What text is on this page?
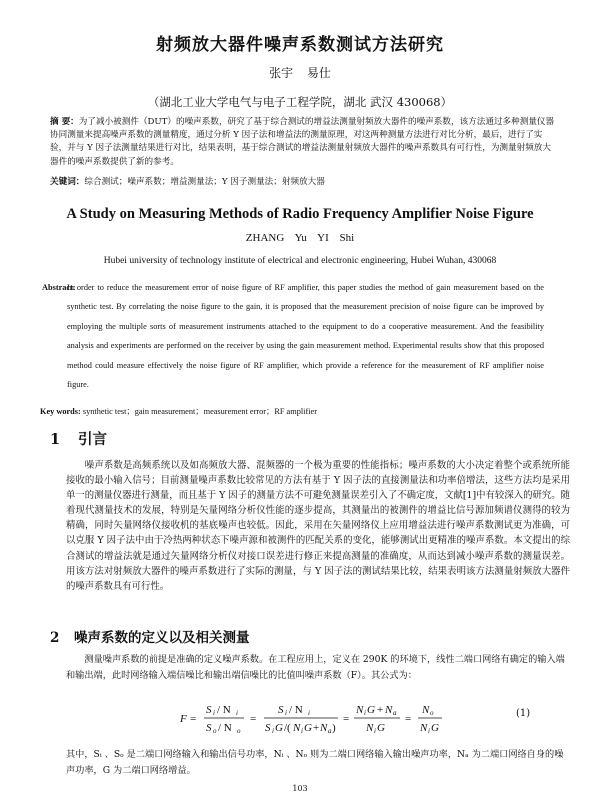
射频放大器件噪声系数测试方法研究
张宇 易仕
（湖北工业大学电气与电子工程学院，湖北 武汉 430068）
摘 要：为了减小被测件（DUT）的噪声系数，研究了基于综合测试的增益法测量射频放大器件的噪声系数，该方法通过多种测量仪器协同测量来提高噪声系数的测量精度，通过分析 Y 因子法和增益法的测量原理，对这两种测量方法进行对比分析，最后，进行了实验，并与 Y 因子法测量结果进行对比，结果表明，基于综合测试的增益法测量射频放大器件的噪声系数具有可行性，为测量射频放大器件的噪声系数提供了新的参考。
关键词：综合测试；噪声系数；增益测量法；Y 因子测量法；射频放大器
A Study on Measuring Methods of Radio Frequency Amplifier Noise Figure
ZHANG Yu YI Shi
Hubei university of technology institute of electrical and electronic engineering, Hubei Wuhan, 430068
Abstract:
In order to reduce the measurement error of noise figure of RF amplifier, this paper studies the method of gain measurement based on the synthetic test. By correlating the noise figure to the gain, it is proposed that the measurement precision of noise figure can be improved by employing the multiple sorts of measurement instruments attached to the equipment to do a cooperative measurement. And the feasibility analysis and experiments are performed on the receiver by using the gain measurement method. Experimental results show that this proposed method could measure effectively the noise figure of RF amplifier, which provide a reference for the measurement of RF amplifier noise figure.
Key words: synthetic test；gain measurement；measurement error；RF amplifier
1 引言
噪声系数是高频系统以及如高频放大器、混频器的一个极为重要的性能指标；噪声系数的大小决定着整个或系统所能接收的最小输入信号；目前测量噪声系数比较常见的方法有基于 Y 因子法的直接测量法和功率倍增法，这些方法均是采用单一的测量仪器进行测量，而且基于 Y 因子的测量方法不可避免测量误差引入了不确定度，文献[1]中有较深入的研究。随着现代测量技术的发展，特别是矢量网络分析仪性能的逐步提高，其测量出的被测件的增益比信号源加频谱仪测得的较为精确，同时矢量网络仪接收机的基底噪声也较低。因此，采用在矢量网络仪上应用增益法进行噪声系数测试更为准确，可以克服 Y 因子法中由于冷热两种状态下噪声源和被测件的匹配关系的变化，能够测试出更精准的噪声系数。本文提出的综合测试的增益法就是通过矢量网络分析仪对接口误差进行修正来提高测量的准确度，从而达到减小噪声系数的测量误差。用该方法对射频放大器件的噪声系数进行了实际的测量，与 Y 因子法的测试结果比较，结果表明该方法测量射频放大器件的噪声系数具有可行性。
2 噪声系数的定义以及相关测量
测量噪声系数的前提是准确的定义噪声系数。在工程应用上，定义在 290K 的环境下，线性二端口网络有确定的输入端和输出端，此时网络输入端信噪比和输出端信噪比的比值叫噪声系数（F）。其公式为：
F =
S i / N i
S o / N o
=
S i / N i
S i G /( N i G + N a )
=
N i G + N a
N i G
=
N o
N i G
(1)
其中，Sᵢ 、Sₒ 是二端口网络输入和输出信号功率，Nᵢ 、Nₒ 则为二端口网络输入输出噪声功率，Nₐ 为二端口网络自身的噪声功率，G 为二端口网络增益。
103
